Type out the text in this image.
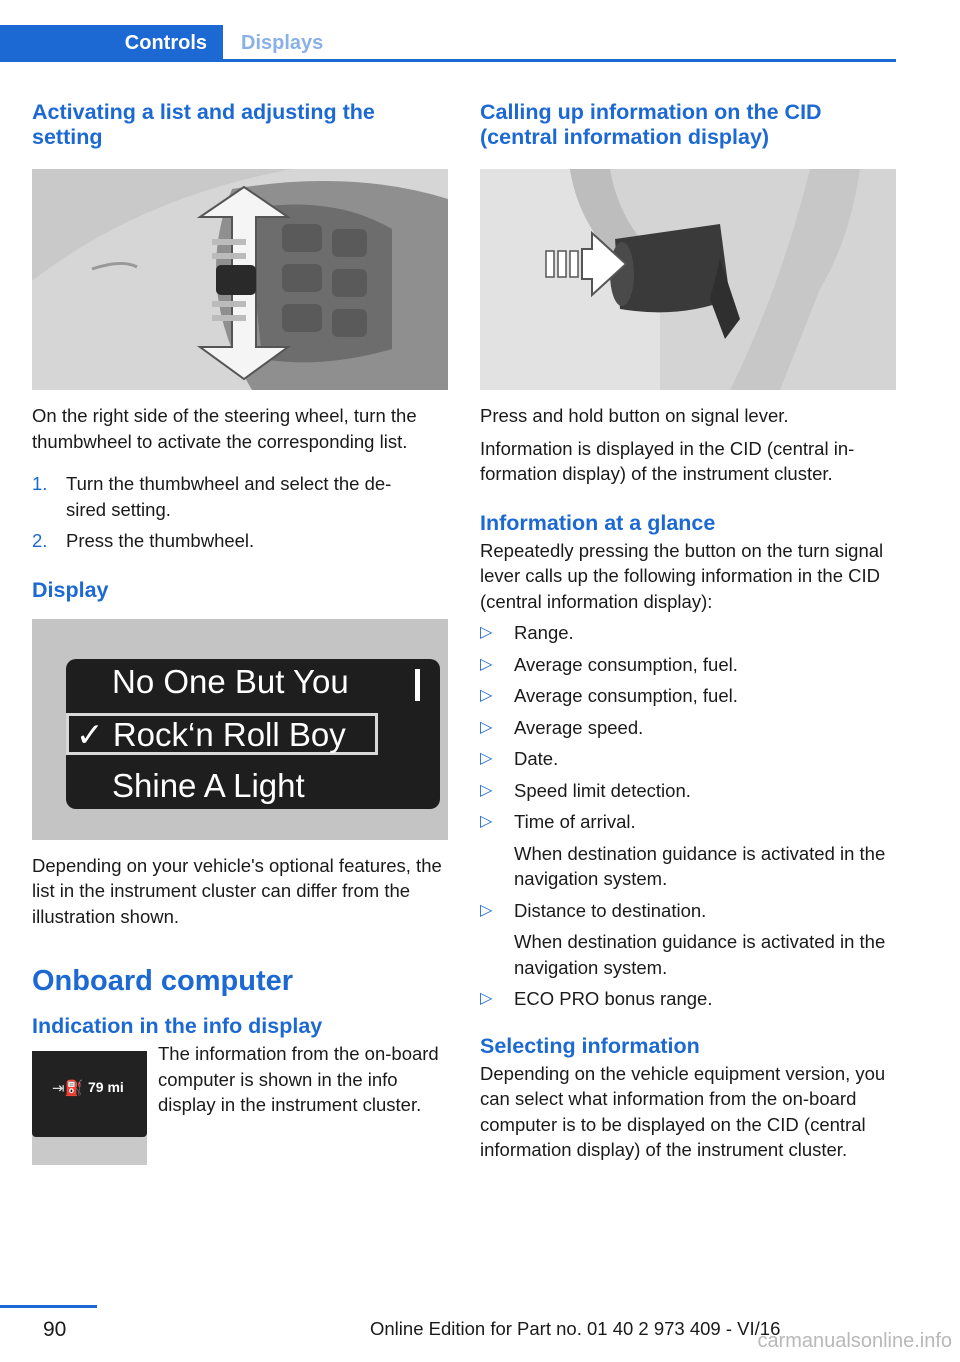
Controls	Displays
Activating a list and adjusting the setting

On the right side of the steering wheel, turn the thumbwheel to activate the corresponding list.

1. Turn the thumbwheel and select the de‐sired setting.
2. Press the thumbwheel.
Display
No One But You
✓ Rock‘n Roll Boy
Shine A Light

Depending on your vehicle's optional features, the list in the instrument cluster can differ from the illustration shown.

Onboard computer
Indication in the info display
⇥⛽ 79 mi

The information from the on‐board computer is shown in the info display in the instrument cluster.

Calling up information on the CID (central information display)

Press and hold button on signal lever.

Information is displayed in the CID (central in‐formation display) of the instrument cluster.

Information at a glance

Repeatedly pressing the button on the turn signal lever calls up the following information in the CID (central information display):

▷ Range.
▷ Average consumption, fuel.
▷ Average consumption, fuel.
▷ Average speed.
▷ Date.
▷ Speed limit detection.
▷ Time of arrival.
When destination guidance is activated in the navigation system.
▷ Distance to destination.
When destination guidance is activated in the navigation system.
▷ ECO PRO bonus range.
Selecting information

Depending on the vehicle equipment version, you can select what information from the on‐board computer is to be displayed on the CID (central information display) of the instrument cluster.

90	Online Edition for Part no. 01 40 2 973 409 - VI/16
carmanualsonline.info
